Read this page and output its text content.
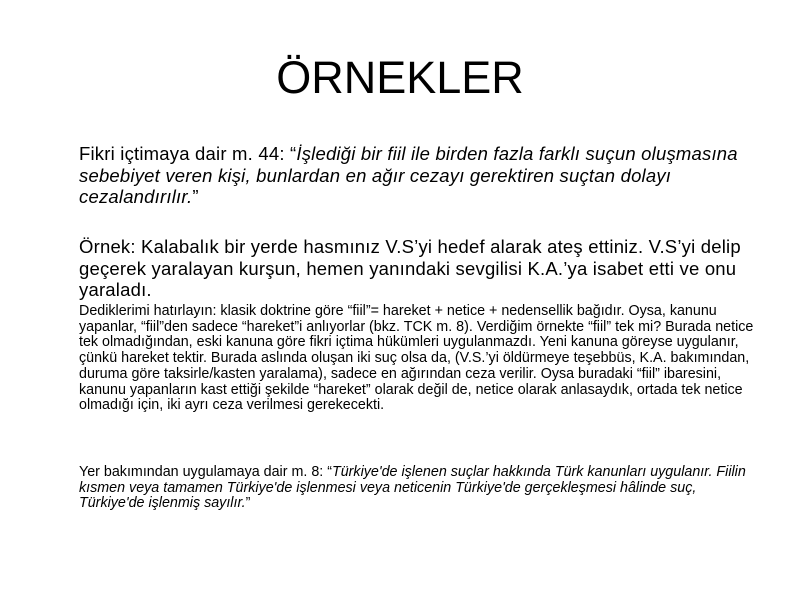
ÖRNEKLER

Fikri içtimaya dair m. 44: “İşlediği bir fiil ile birden fazla farklı suçun oluşmasına sebebiyet veren kişi, bunlardan en ağır cezayı gerektiren suçtan dolayı cezalandırılır.”

Örnek: Kalabalık bir yerde hasmınız V.S’yi hedef alarak ateş ettiniz. V.S’yi delip geçerek yaralayan kurşun, hemen yanındaki sevgilisi K.A.’ya isabet etti ve onu yaraladı.

Dediklerimi hatırlayın: klasik doktrine göre “fiil”= hareket + netice + nedensellik bağıdır. Oysa, kanunu yapanlar, “fiil”den sadece “hareket”i anlıyorlar (bkz. TCK m. 8). Verdiğim örnekte “fiil” tek mi? Burada netice tek olmadığından, eski kanuna göre fikri içtima hükümleri uygulanmazdı. Yeni kanuna göreyse uygulanır, çünkü hareket tektir. Burada aslında oluşan iki suç olsa da, (V.S.’yi öldürmeye teşebbüs, K.A. bakımından, duruma göre taksirle/kasten yaralama), sadece en ağırından ceza verilir. Oysa buradaki “fiil” ibaresini, kanunu yapanların kast ettiği şekilde “hareket” olarak değil de, netice olarak anlasaydık, ortada tek netice olmadığı için, iki ayrı ceza verilmesi gerekecekti.

Yer bakımından uygulamaya dair m. 8: “Türkiye'de işlenen suçlar hakkında Türk kanunları uygulanır. Fiilin kısmen veya tamamen Türkiye'de işlenmesi veya neticenin Türkiye'de gerçekleşmesi hâlinde suç, Türkiye'de işlenmiş sayılır.”
